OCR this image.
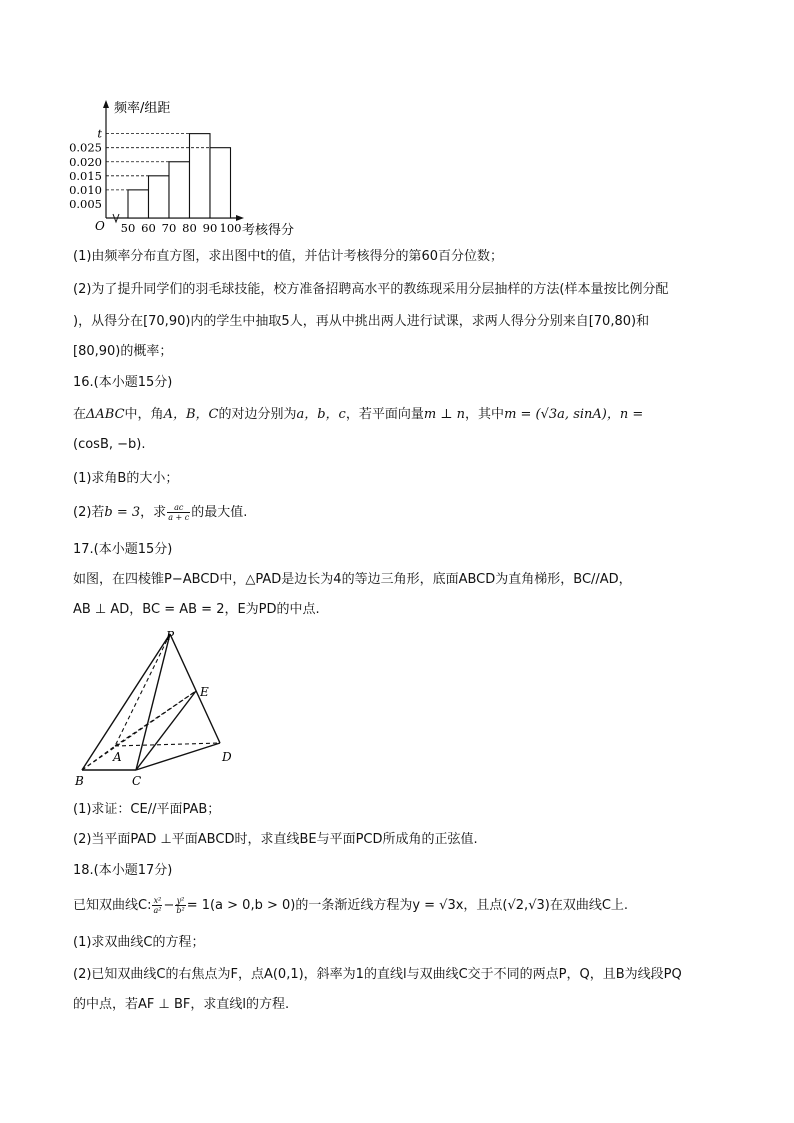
频率/组距
考核得分
O
0.005
0.010
0.015
0.020
0.025
t
50 60 70 80 90 100
(1)由频率分布直方图，求出图中t的值，并估计考核得分的第60百分位数；
(2)为了提升同学们的羽毛球技能，校方准备招聘高水平的教练现采用分层抽样的方法(样本量按比例分配
)，从得分在[70,90)内的学生中抽取5人，再从中挑出两人进行试课，求两人得分分别来自[70,80)和
[80,90)的概率；
16.(本小题15分)
在ΔABC中，角A，B，C的对边分别为a，b，c，若平面向量m ⊥ n，其中m = (√3a, sinA)，n =
(cosB, −b).
(1)求角B的大小；
(2)若b = 3，求 $\frac{ac}{a + c}$ 的最大值.
17.(本小题15分)
如图，在四棱锥P−ABCD中，△PAD是边长为4的等边三角形，底面ABCD为直角梯形，BC//AD，
AB ⊥ AD，BC = AB = 2，E为PD的中点.
P
E
A
B	C
D
(1)求证：CE//平面PAB；
(2)当平面PAD ⊥平面ABCD时，求直线BE与平面PCD所成角的正弦值.
18.(本小题17分)
已知双曲线C: $\frac{\text{x²}}{\text{a²}} - \frac{\text{y²}}{\text{b²}} = 1(a > 0,b > 0)$的一条渐近线方程为y = √3x，且点(√2,√3)在双曲线C上.
(1)求双曲线C的方程；
(2)已知双曲线C的右焦点为F，点A(0,1)，斜率为1的直线l与双曲线C交于不同的两点P，Q，且B为线段PQ
的中点，若AF ⊥ BF，求直线l的方程.
